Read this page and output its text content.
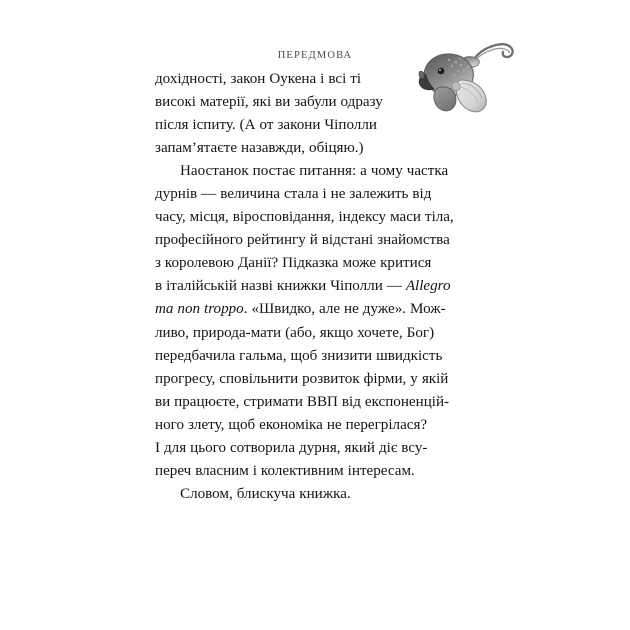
ПЕРЕДМОВА

дохідності, закон Оукена і всі ті
високі матерії, які ви забули одразу
після іспиту. (А от закони Чіполли
запам’ятаєте назавжди, обіцяю.)

Наостанок постає питання: а чому частка
дурнів — величина стала і не залежить від
часу, місця, віросповідання, індексу маси тіла,
професійного рейтингу й відстані знайомства
з королевою Данії? Підказка може критися
в італійській назві книжки Чіполли — Allegro
ma non troppo. «Швидко, але не дуже». Мож-
ливо, природа-мати (або, якщо хочете, Бог)
передбачила гальма, щоб знизити швидкість
прогресу, сповільнити розвиток фірми, у якій
ви працюєте, стримати ВВП від експоненцій-
ного злету, щоб економіка не перегрілася?
І для цього сотворила дурня, який діє всу-
переч власним і колективним інтересам.

Словом, блискуча книжка.
